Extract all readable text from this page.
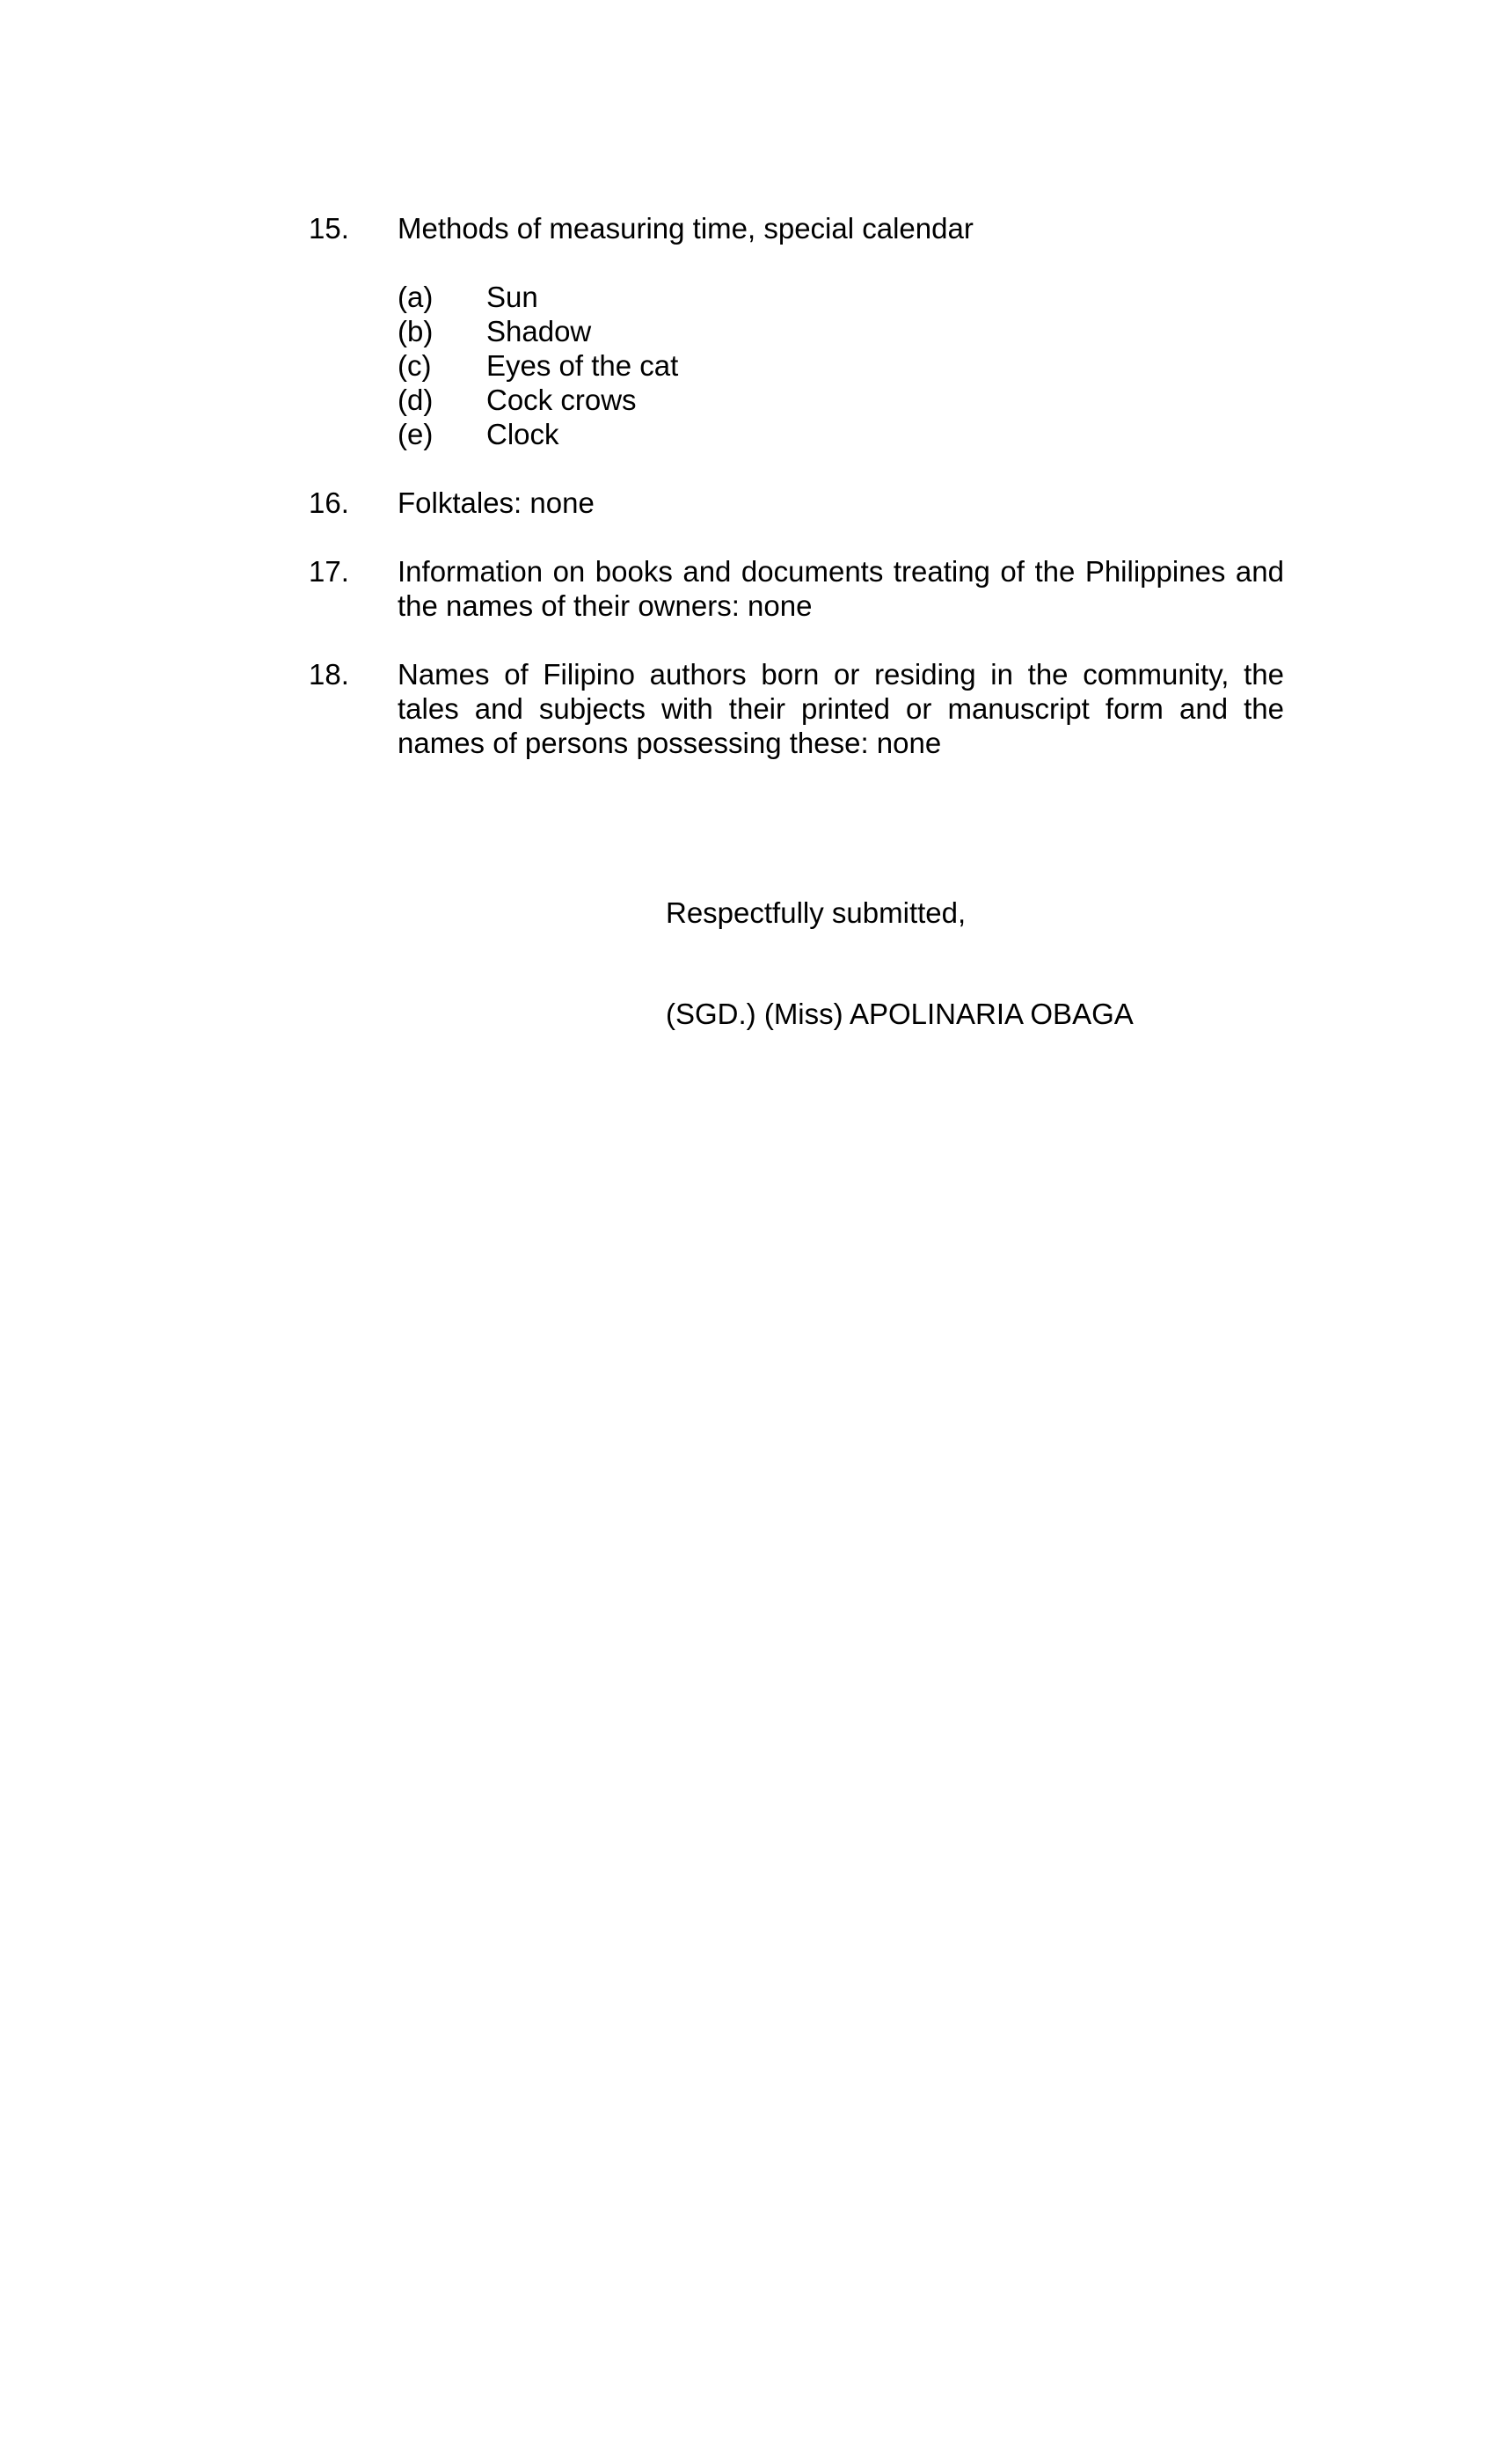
15. Methods of measuring time, special calendar
(a) Sun
(b) Shadow
(c) Eyes of the cat
(d) Cock crows
(e) Clock
16. Folktales: none
17. Information on books and documents treating of the Philippines and the names of their owners: none
18. Names of Filipino authors born or residing in the community, the tales and subjects with their printed or manuscript form and the names of persons possessing these: none
Respectfully submitted,
(SGD.) (Miss) APOLINARIA OBAGA
